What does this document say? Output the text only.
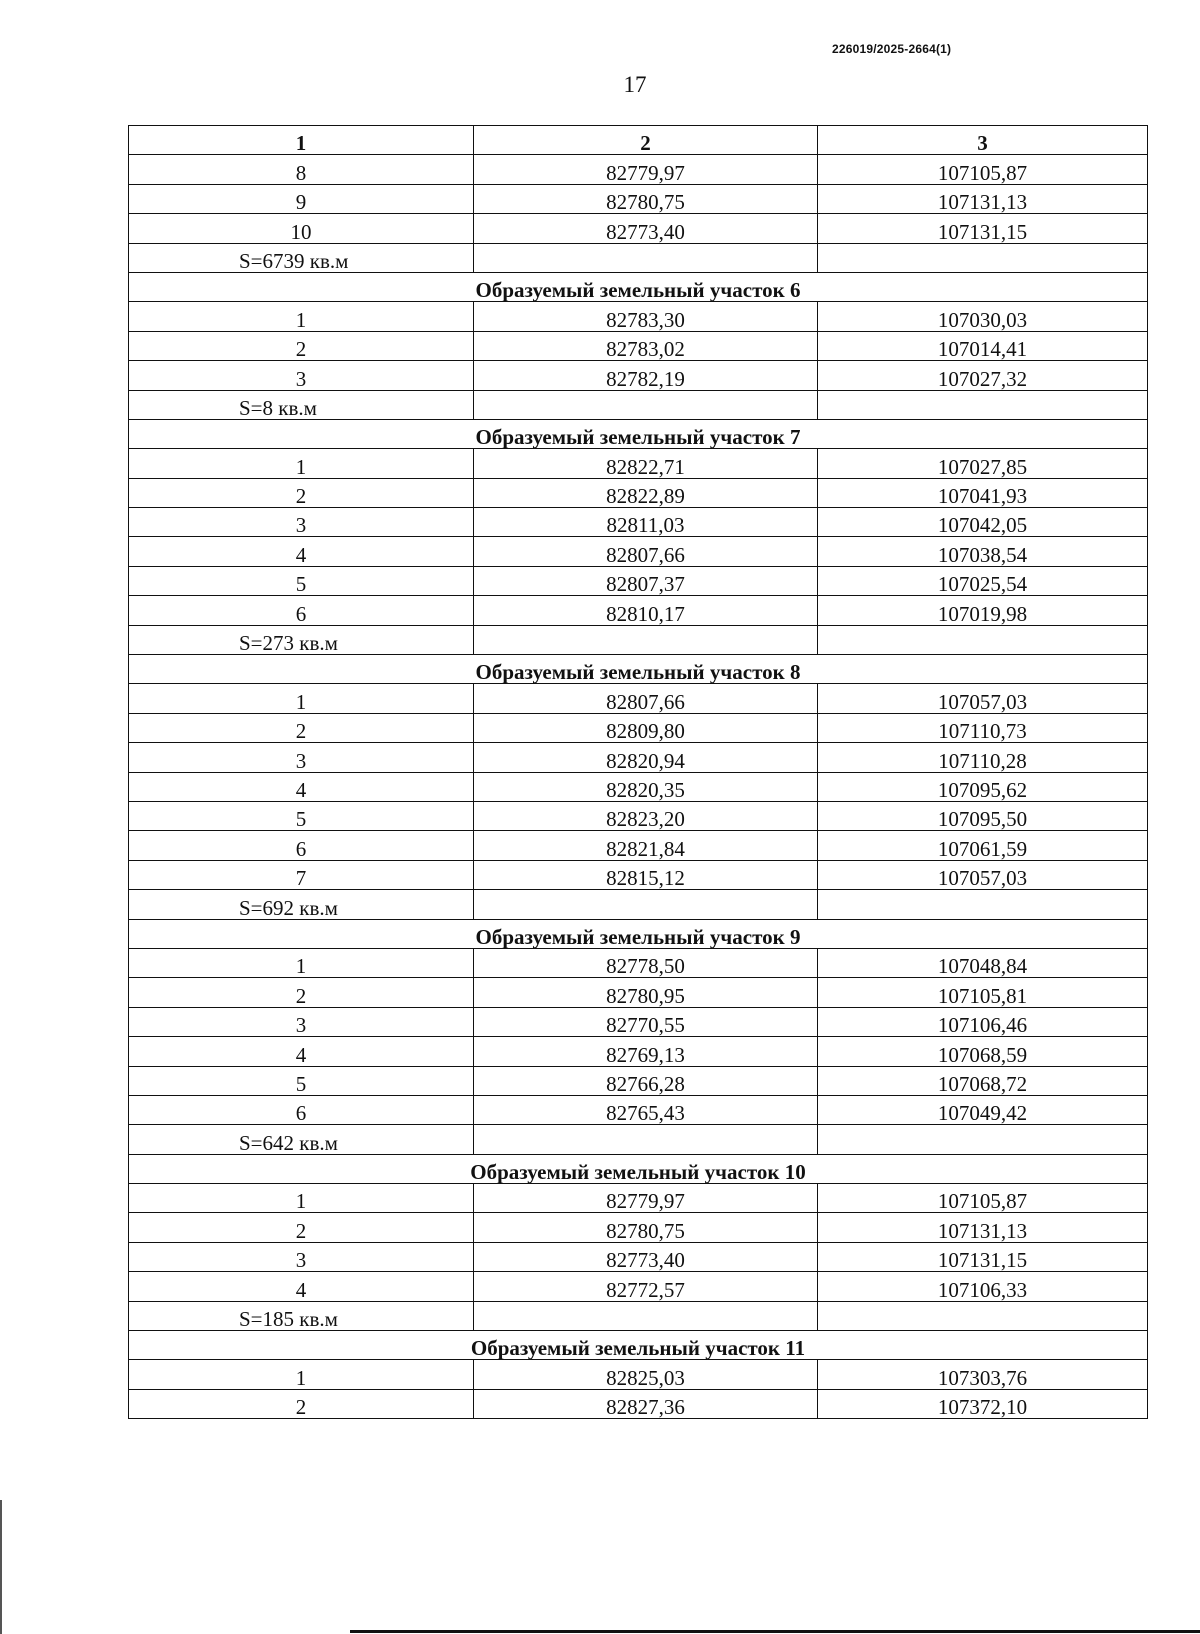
226019/2025-2664(1)
17
1	2	3
8	82779,97	107105,87
9	82780,75	107131,13
10	82773,40	107131,15
S=6739 кв.м		
Образуемый земельный участок 6		
1	82783,30	107030,03
2	82783,02	107014,41
3	82782,19	107027,32
S=8 кв.м		
Образуемый земельный участок 7		
1	82822,71	107027,85
2	82822,89	107041,93
3	82811,03	107042,05
4	82807,66	107038,54
5	82807,37	107025,54
6	82810,17	107019,98
S=273 кв.м		
Образуемый земельный участок 8		
1	82807,66	107057,03
2	82809,80	107110,73
3	82820,94	107110,28
4	82820,35	107095,62
5	82823,20	107095,50
6	82821,84	107061,59
7	82815,12	107057,03
S=692 кв.м		
Образуемый земельный участок 9		
1	82778,50	107048,84
2	82780,95	107105,81
3	82770,55	107106,46
4	82769,13	107068,59
5	82766,28	107068,72
6	82765,43	107049,42
S=642 кв.м		
Образуемый земельный участок 10		
1	82779,97	107105,87
2	82780,75	107131,13
3	82773,40	107131,15
4	82772,57	107106,33
S=185 кв.м		
Образуемый земельный участок 11		
1	82825,03	107303,76
2	82827,36	107372,10
